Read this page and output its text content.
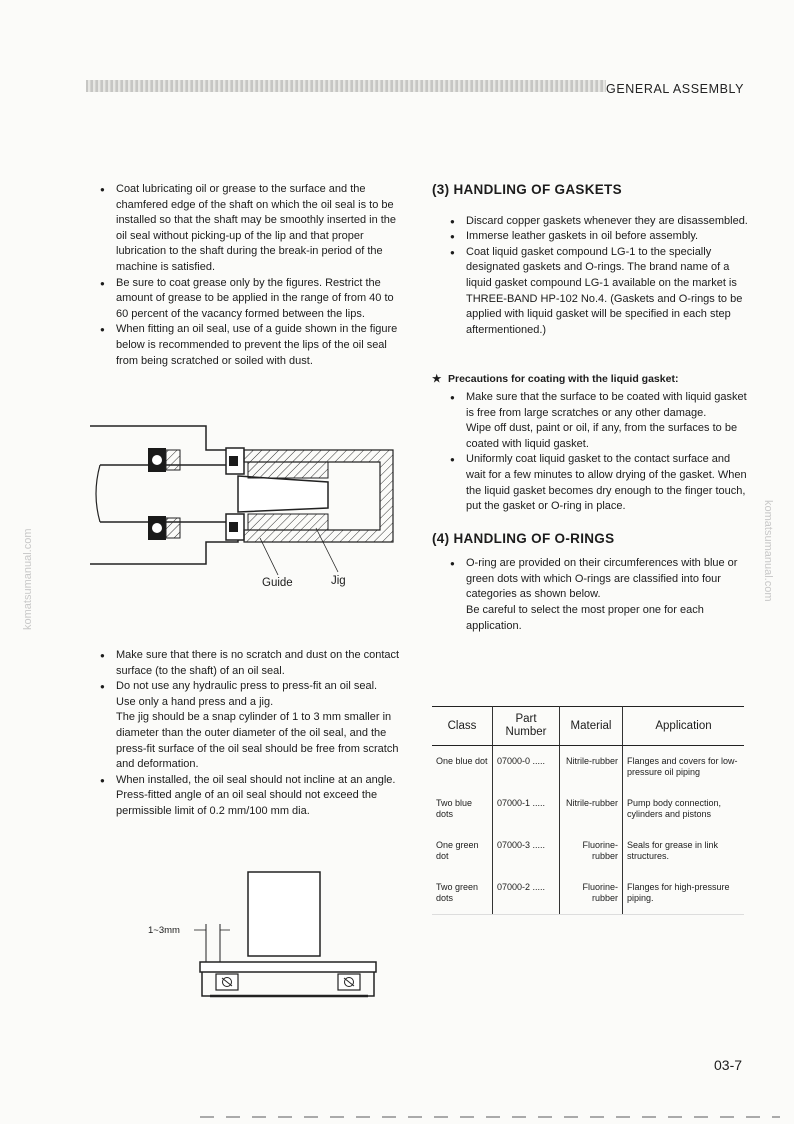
GENERAL ASSEMBLY
komatsumanual.com	komatsumanual.com
● Coat lubricating oil or grease to the surface and the chamfered edge of the shaft on which the oil seal is to be installed so that the shaft may be smoothly inserted in the oil seal without picking-up of the lip and that proper lubrication to the shaft during the break-in period of the machine is satisfied.
● Be sure to coat grease only by the figures. Restrict the amount of grease to be applied in the range of from 40 to 60 percent of the vacancy formed between the lips.
● When fitting an oil seal, use of a guide shown in the figure below is recommended to prevent the lips of the oil seal from being scratched or soiled with dust.
Guide	Jig
● Make sure that there is no scratch and dust on the contact surface (to the shaft) of an oil seal.
● Do not use any hydraulic press to press-fit an oil seal.
Use only a hand press and a jig.
The jig should be a snap cylinder of 1 to 3 mm smaller in diameter than the outer diameter of the oil seal, and the press-fit surface of the oil seal should be free from scratch and deformation.
● When installed, the oil seal should not incline at an angle.
Press-fitted angle of an oil seal should not exceed the permissible limit of 0.2 mm/100 mm dia.
1~3mm
(3) HANDLING OF GASKETS
● Discard copper gaskets whenever they are disassembled.
● Immerse leather gaskets in oil before assembly.
● Coat liquid gasket compound LG-1 to the specially designated gaskets and O-rings. The brand name of a liquid gasket compound LG-1 available on the market is THREE-BAND HP-102 No.4. (Gaskets and O-rings to be applied with liquid gasket will be specified in each step aftermentioned.)
★ Precautions for coating with the liquid gasket:
● Make sure that the surface to be coated with liquid gasket is free from large scratches or any other damage.
Wipe off dust, paint or oil, if any, from the surfaces to be coated with liquid gasket.
● Uniformly coat liquid gasket to the contact surface and wait for a few minutes to allow drying of the gasket. When the liquid gasket becomes dry enough to the finger touch, put the gasket or O-ring in place.
(4) HANDLING OF O-RINGS
● O-ring are provided on their circumferences with blue or green dots with which O-rings are classified into four categories as shown below.
Be careful to select the most proper one for each application.
Class	Part Number	Material	Application
One blue dot	07000-0 .....	Nitrile-rubber	Flanges and covers for low-pressure oil piping
Two blue dots	07000-1 .....	Nitrile-rubber	Pump body connection, cylinders and pistons
One green dot	07000-3 .....	Fluorine-rubber	Seals for grease in link structures.
Two green dots	07000-2 .....	Fluorine-rubber	Flanges for high-pressure piping.
03-7
